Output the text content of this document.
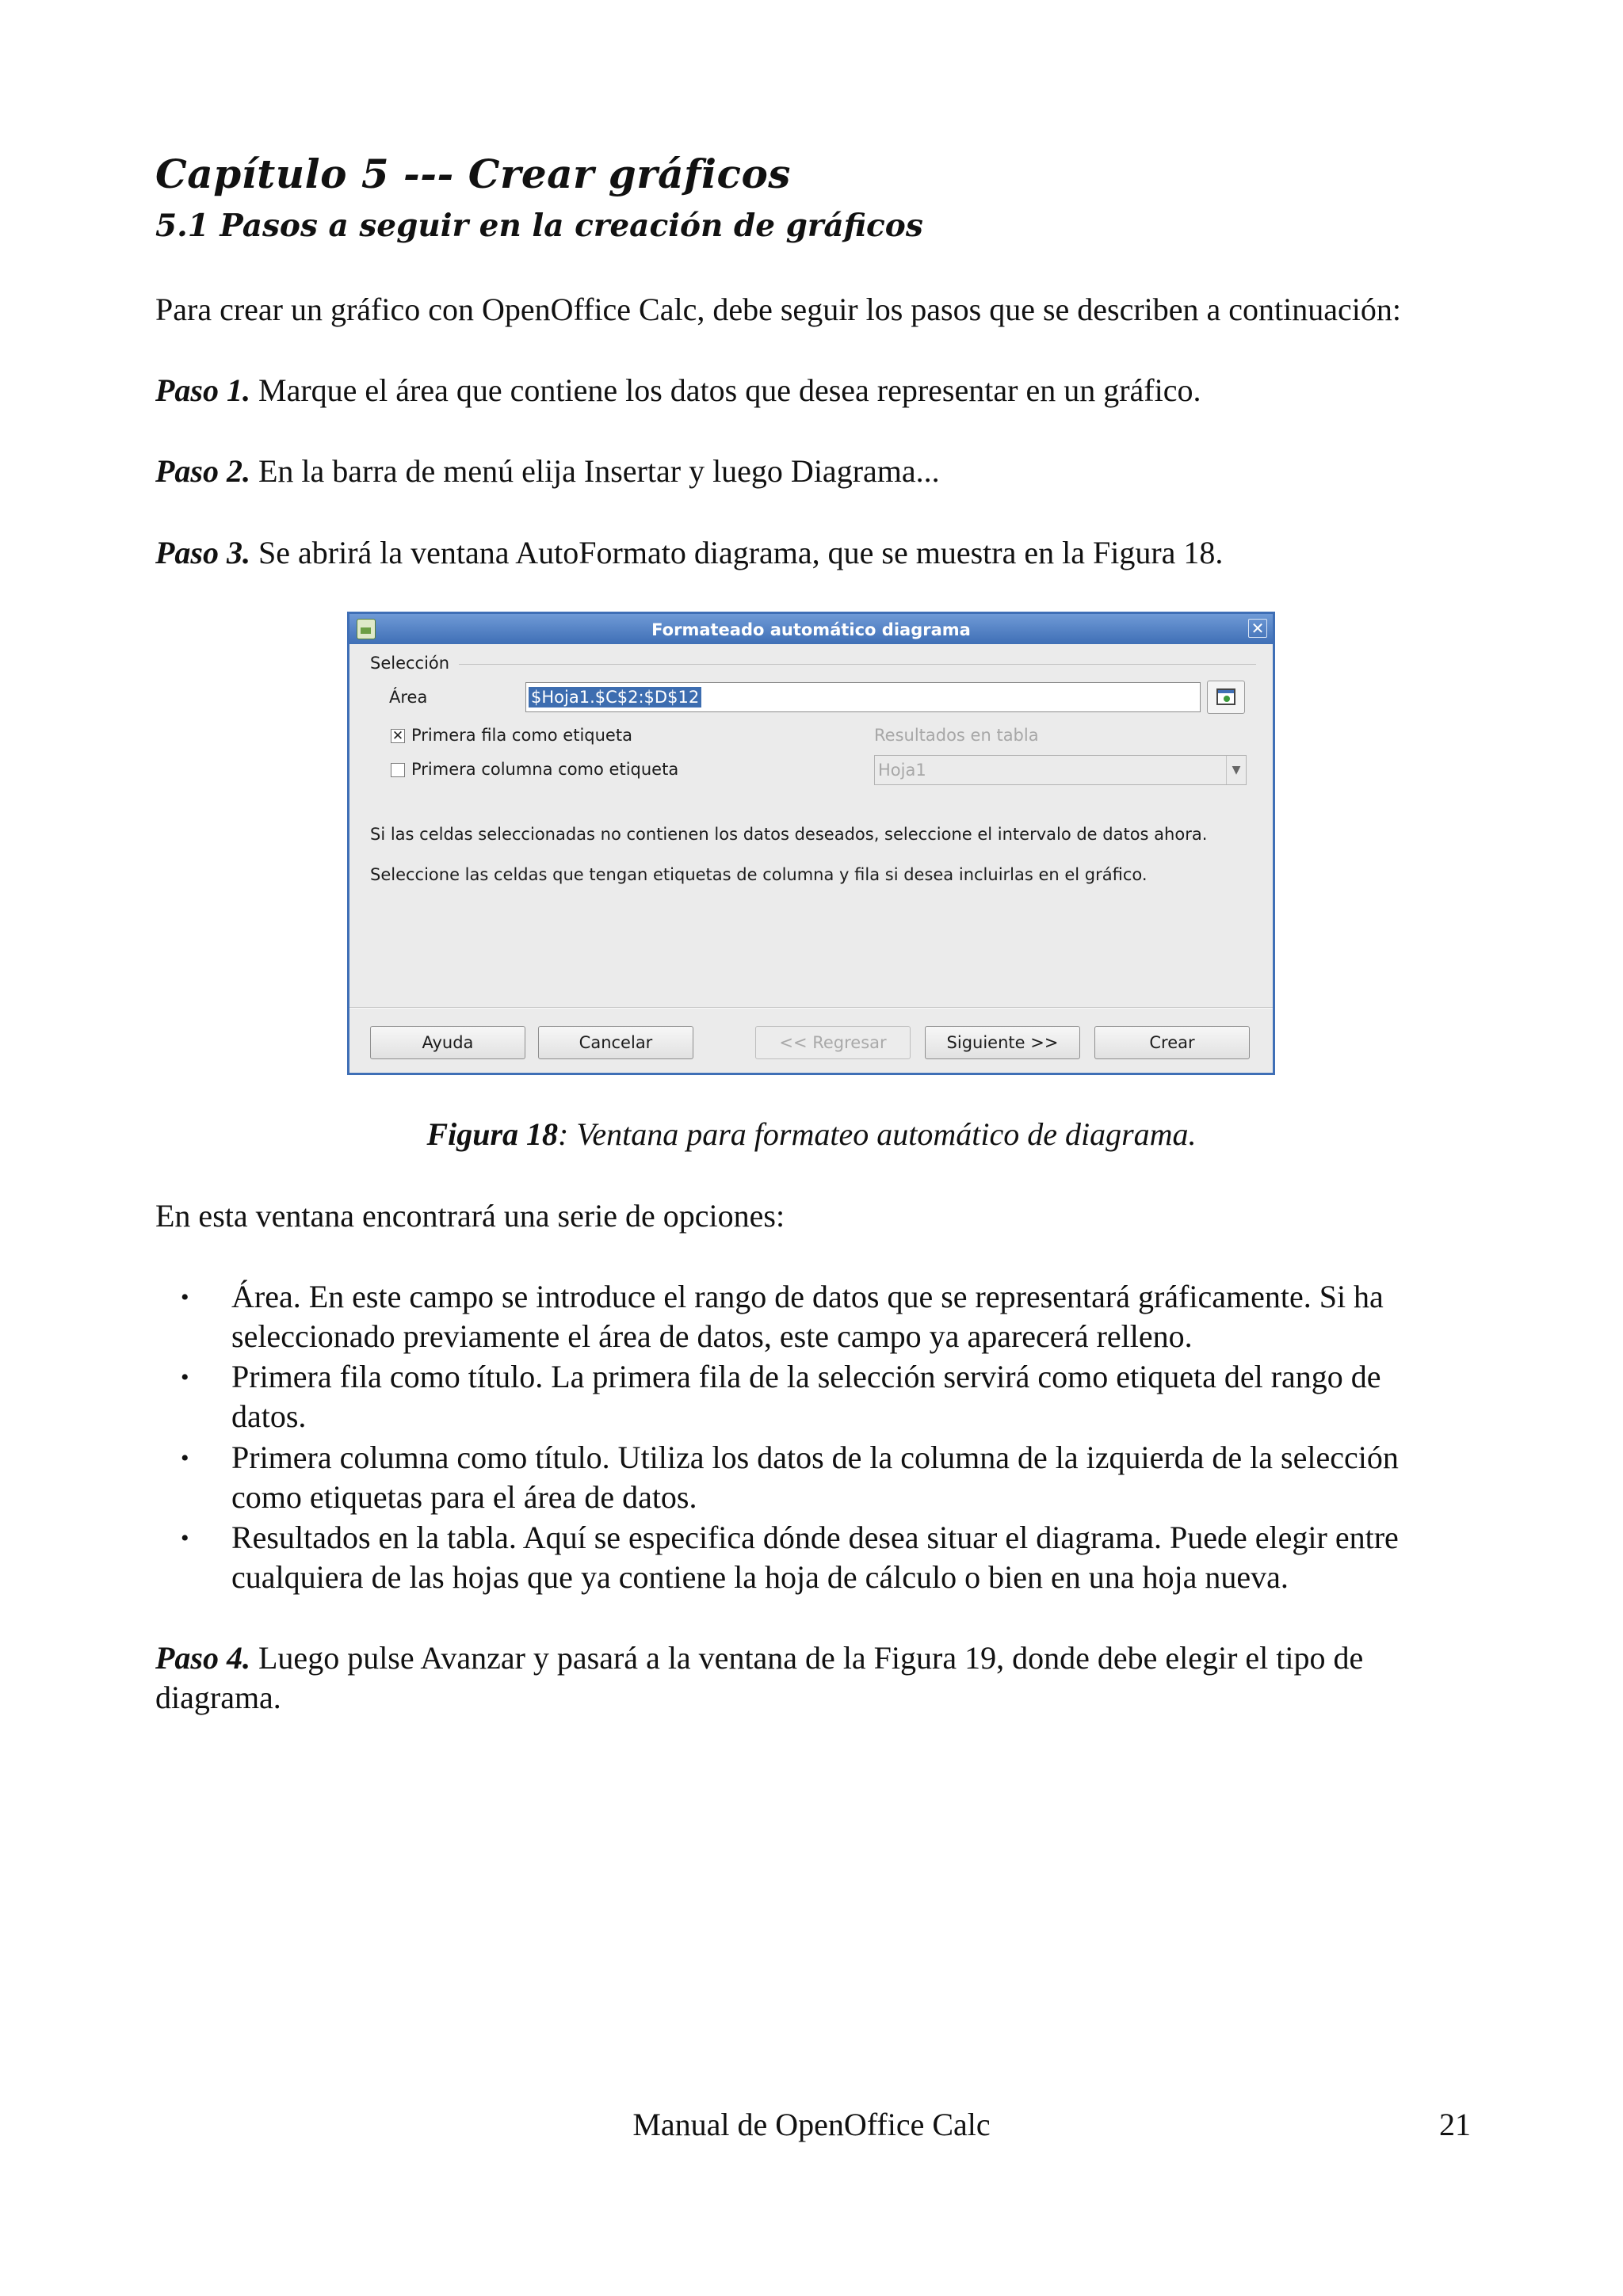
Capítulo 5 --- Crear gráficos
5.1 Pasos a seguir en la creación de gráficos

Para crear un gráfico con OpenOffice Calc, debe seguir los pasos que se describen a continuación:

Paso 1. Marque el área que contiene los datos que desea representar en un gráfico.

Paso 2. En la barra de menú elija Insertar y luego Diagrama...

Paso 3. Se abrirá la ventana AutoFormato diagrama, que se muestra en la Figura 18.

Formateado automático diagrama	✕
Selección
Área	$Hoja1.$C$2:$D$12
✕ Primera fila como etiqueta
Primera columna como etiqueta
Resultados en tabla
Hoja1	▼
Si las celdas seleccionadas no contienen los datos deseados, seleccione el intervalo de datos ahora.
Seleccione las celdas que tengan etiquetas de columna y fila si desea incluirlas en el gráfico.
Ayuda	Cancelar	<< Regresar	Siguiente >>	Crear
Figura 18: Ventana para formateo automático de diagrama.

En esta ventana encontrará una serie de opciones:

• Área. En este campo se introduce el rango de datos que se representará gráficamente. Si ha
seleccionado previamente el área de datos, este campo ya aparecerá relleno.
• Primera fila como título. La primera fila de la selección servirá como etiqueta del rango de
datos.
• Primera columna como título. Utiliza los datos de la columna de la izquierda de la selección
como etiquetas para el área de datos.
• Resultados en la tabla. Aquí se especifica dónde desea situar el diagrama. Puede elegir entre
cualquiera de las hojas que ya contiene la hoja de cálculo o bien en una hoja nueva.

Paso 4. Luego pulse Avanzar y pasará a la ventana de la Figura 19, donde debe elegir el tipo de

diagrama.

Manual de OpenOffice Calc	21
